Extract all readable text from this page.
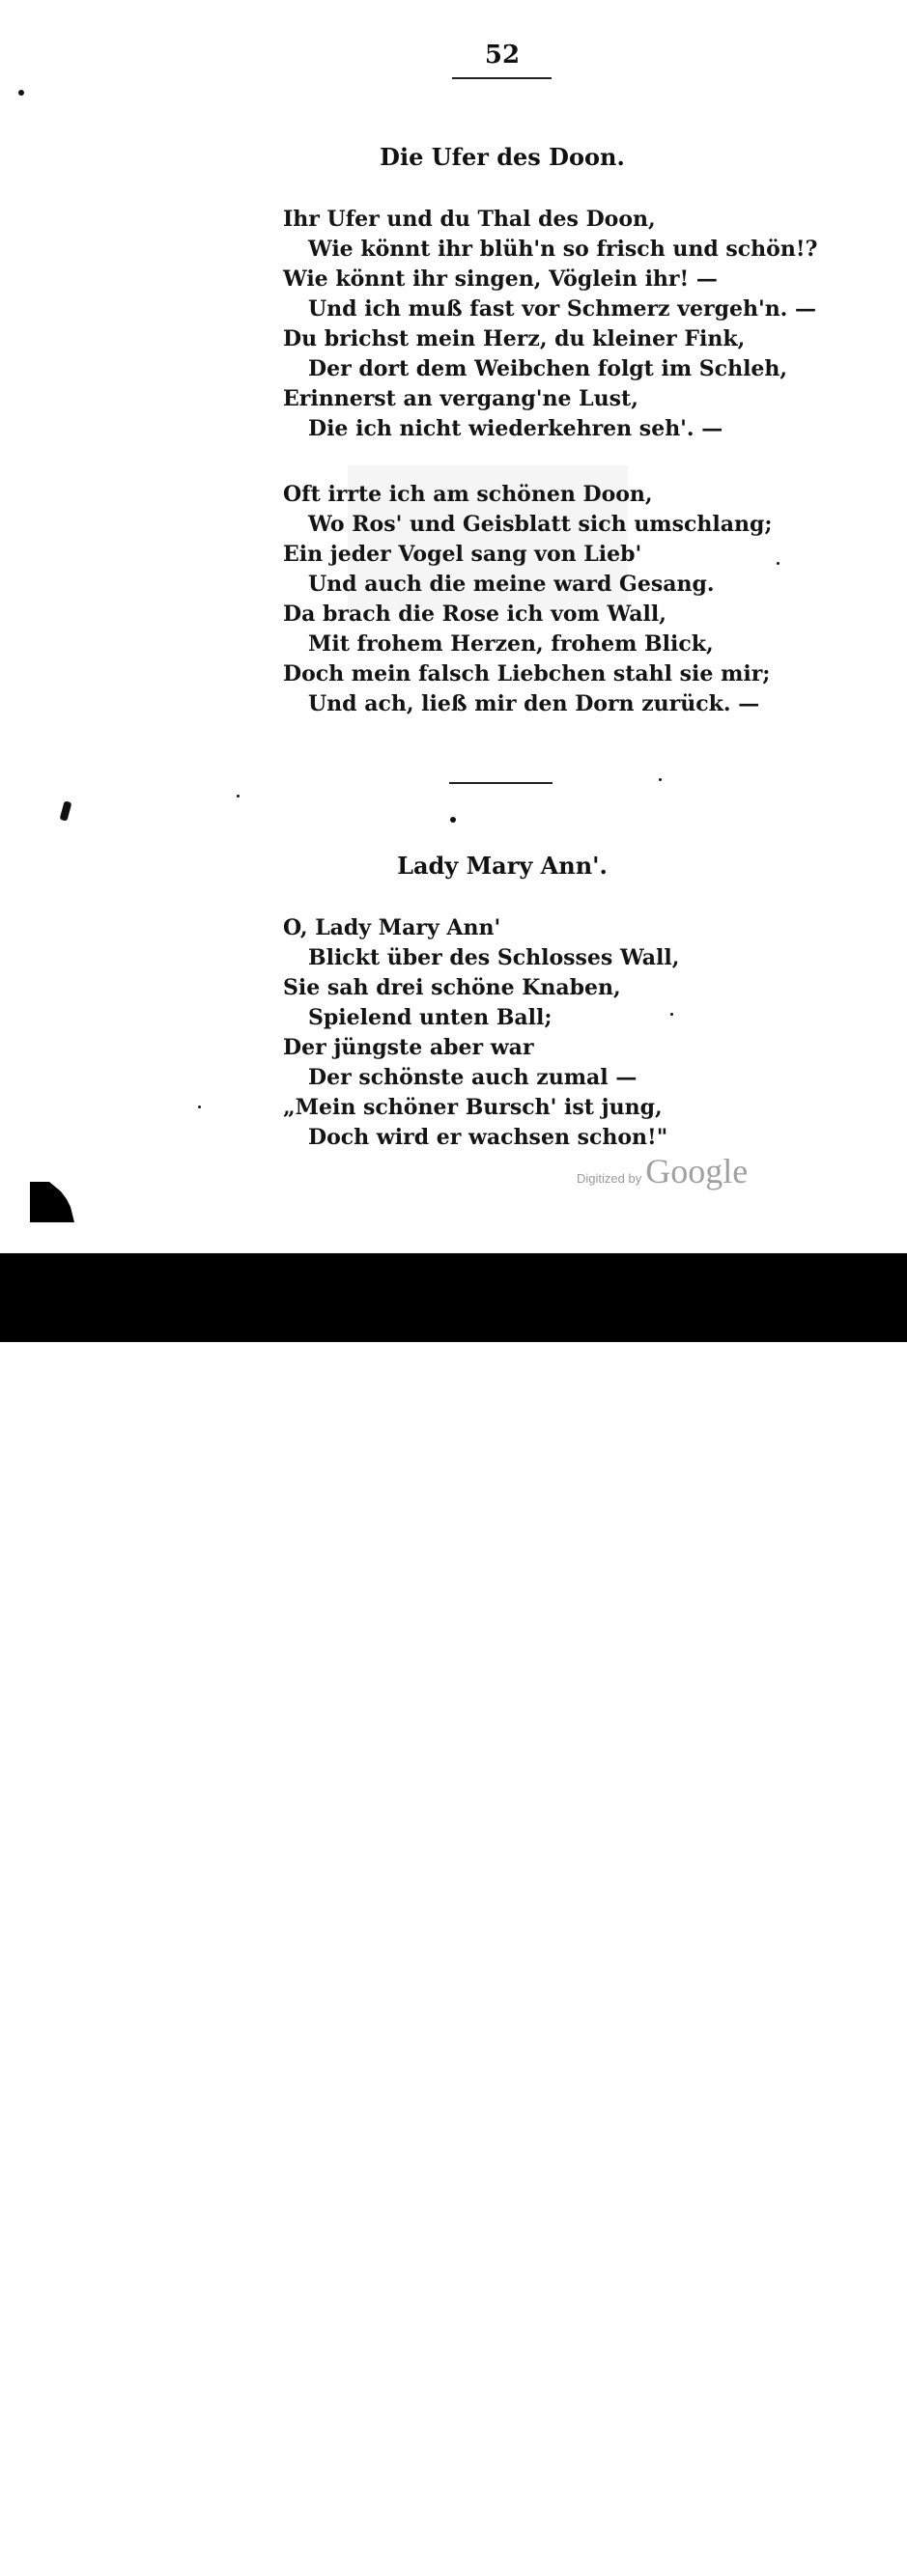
52
Die Ufer des Doon.
Ihr Ufer und du Thal des Doon,
Wie könnt ihr blüh'n so frisch und schön!?
Wie könnt ihr singen, Vöglein ihr! —
Und ich muß fast vor Schmerz vergeh'n. —
Du brichst mein Herz, du kleiner Fink,
Der dort dem Weibchen folgt im Schleh,
Erinnerst an vergang'ne Lust,
Die ich nicht wiederkehren seh'. —
Oft irrte ich am schönen Doon,
Wo Ros' und Geisblatt sich umschlang;
Ein jeder Vogel sang von Lieb'
Und auch die meine ward Gesang.
Da brach die Rose ich vom Wall,
Mit frohem Herzen, frohem Blick,
Doch mein falsch Liebchen stahl sie mir;
Und ach, ließ mir den Dorn zurück. —
Lady Mary Ann'.
O, Lady Mary Ann'
Blickt über des Schlosses Wall,
Sie sah drei schöne Knaben,
Spielend unten Ball;
Der jüngste aber war
Der schönste auch zumal —
„Mein schöner Bursch' ist jung,
Doch wird er wachsen schon!"
Digitized by Google
alamy	JE8F70
www.alamy.com
